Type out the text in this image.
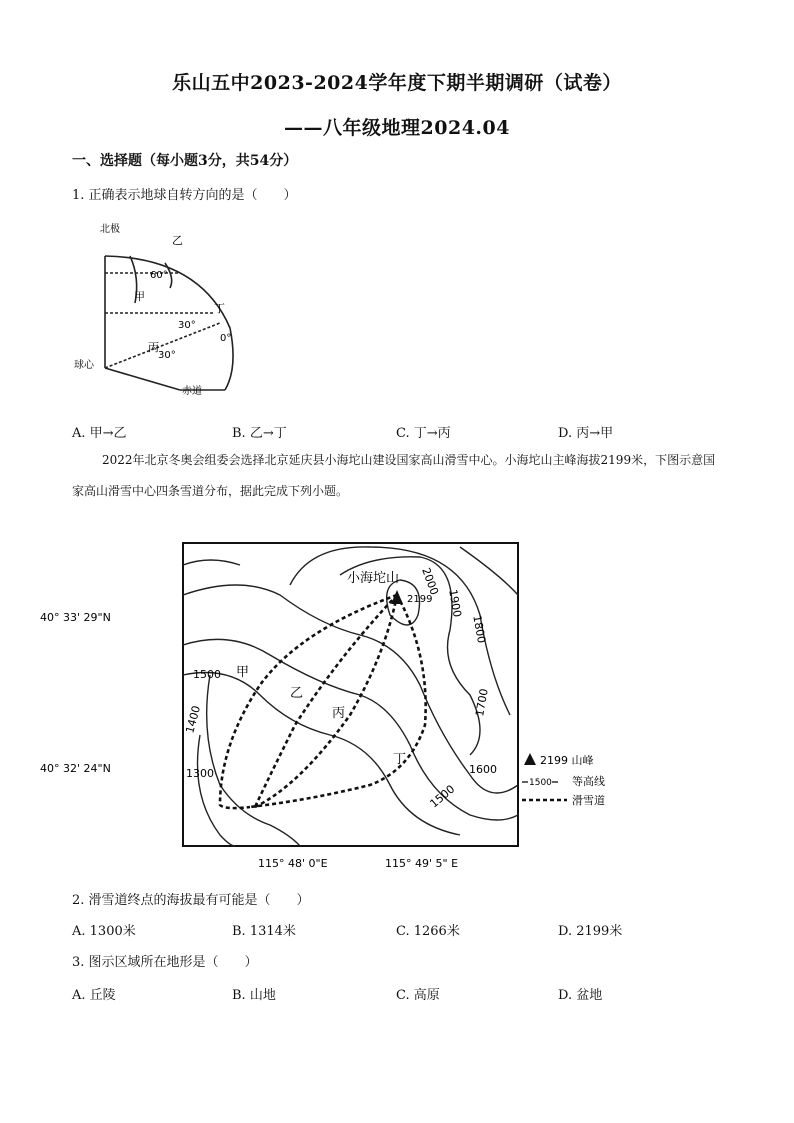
乐山五中2023-2024学年度下期半期调研（试卷）
——八年级地理2024.04
一、选择题（每小题3分，共54分）
1. 正确表示地球自转方向的是（　　）
北极
球心
赤道
60°
30°
30°
0°
甲
乙
丙
丁
A. 甲→乙	B. 乙→丁	C. 丁→丙	D. 丙→甲
2022年北京冬奥会组委会选择北京延庆县小海坨山建设国家高山滑雪中心。小海坨山主峰海拔2199米，下图示意国家高山滑雪中心四条雪道分布，据此完成下列小题。
小海坨山
2199
2000
1900
1800
1700
1600
1500
1500
1400
1300
甲
乙
丙
丁
40° 33' 29"N
40° 32' 24"N
115° 48' 0"E	115° 49' 5" E
2199 山峰
1500 等高线
滑雪道
2. 滑雪道终点的海拔最有可能是（　　）
A. 1300米	B. 1314米	C. 1266米	D. 2199米
3. 图示区域所在地形是（　　）
A. 丘陵	B. 山地	C. 高原	D. 盆地
